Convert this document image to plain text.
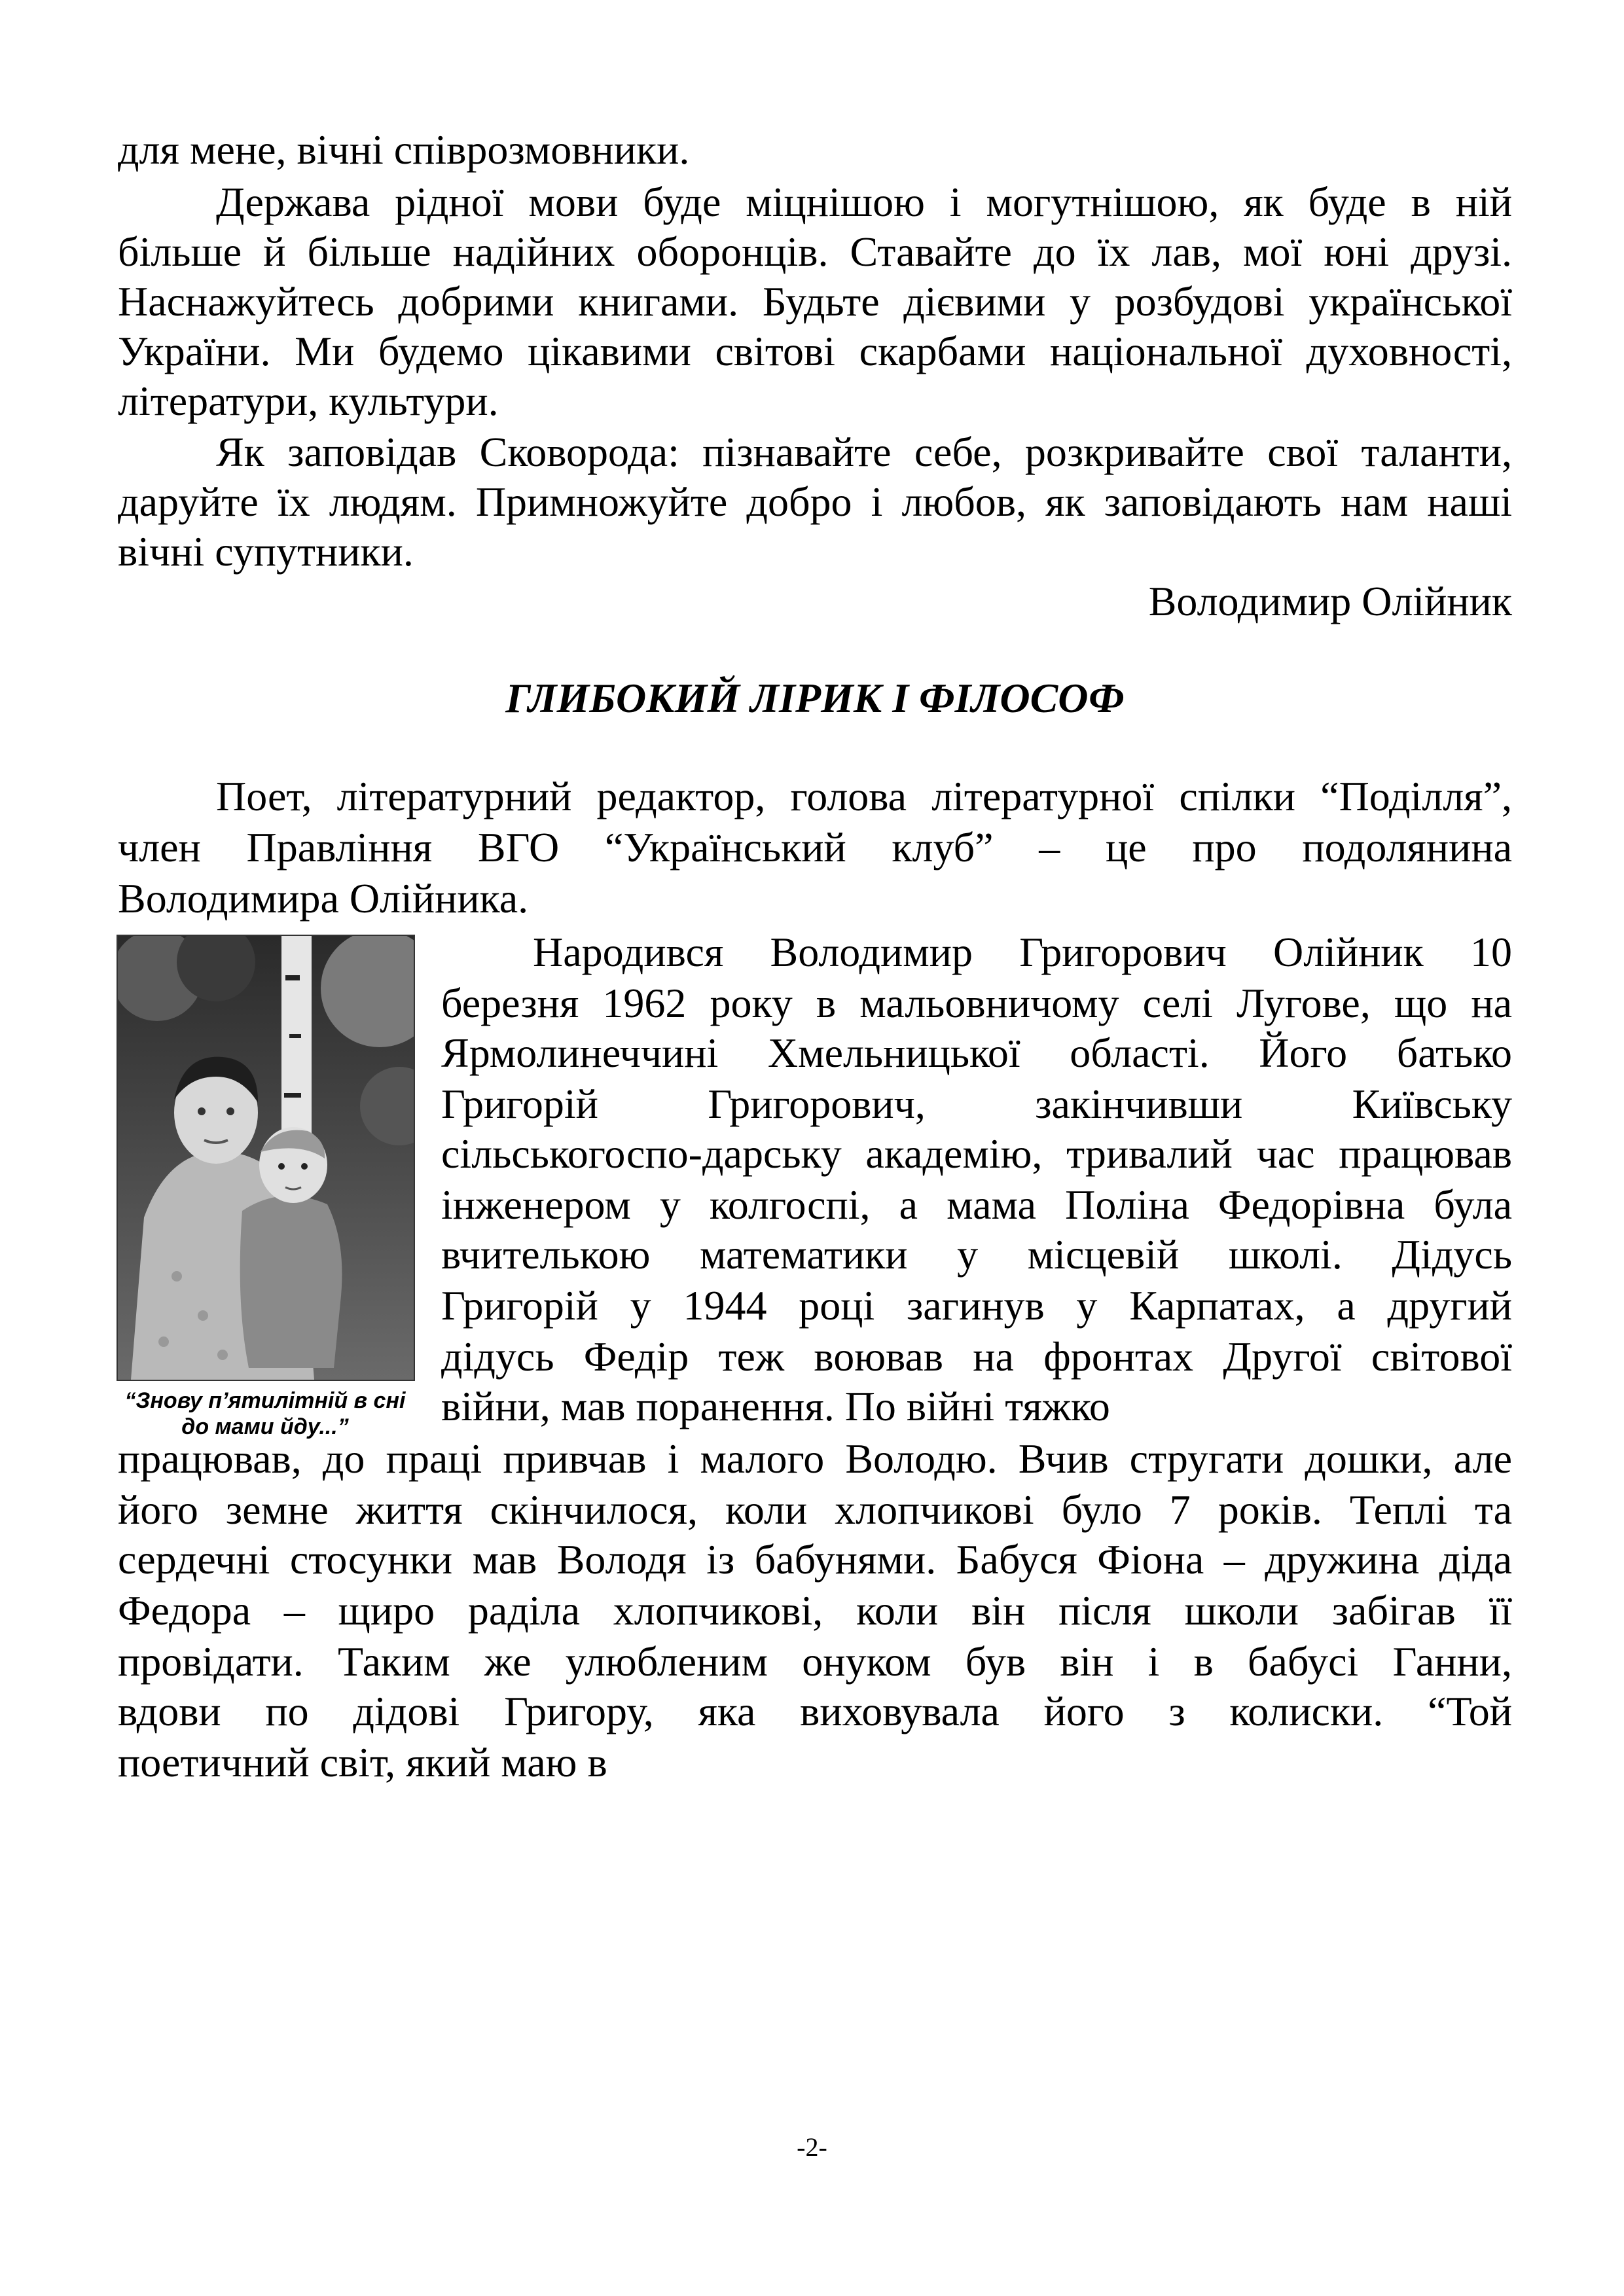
для мене, вічні співрозмовники.
Держава рідної мови буде міцнішою і могутнішою, як буде в ній
більше й більше надійних оборонців. Ставайте до їх лав, мої юні друзі.
Наснажуйтесь добрими книгами. Будьте дієвими у розбудові української
України. Ми будемо цікавими світові скарбами національної духовності,
літератури, культури.
Як заповідав Сковорода: пізнавайте себе, розкривайте свої таланти,
даруйте їх людям. Примножуйте добро і любов, як заповідають нам наші
вічні супутники.
Володимир Олійник
ГЛИБОКИЙ ЛІРИК І ФІЛОСОФ
Поет, літературний редактор, голова літературної спілки “Поділля”,
член Правління ВГО “Український клуб” – це про подолянина
Володимира Олійника.
“Знову п’ятилітній в сні
до мами йду...”
Народився Володимир Григорович Олійник 10
березня 1962 року в мальовничому селі Лугове, що на
Ярмолинеччині Хмельницької області. Його батько
Григорій Григорович, закінчивши Київську
сільськогоспо-дарську академію, тривалий час працював
інженером у колгоспі, а мама Поліна Федорівна була
вчителькою математики у місцевій школі. Дідусь
Григорій у 1944 році загинув у Карпатах, а другий
дідусь Федір теж воював на фронтах Другої світової
війни, мав поранення. По війні тяжко
працював, до праці привчав і малого Володю. Вчив стругати дошки, але
його земне життя скінчилося, коли хлопчикові було 7 років. Теплі та
сердечні стосунки мав Володя із бабунями. Бабуся Фіона – дружина діда
Федора – щиро раділа хлопчикові, коли він після школи забігав її
провідати. Таким же улюбленим онуком був він і в бабусі Ганни,
вдови по дідові Григору, яка виховувала його з колиски. “Той
поетичний світ, який маю в
-2-
